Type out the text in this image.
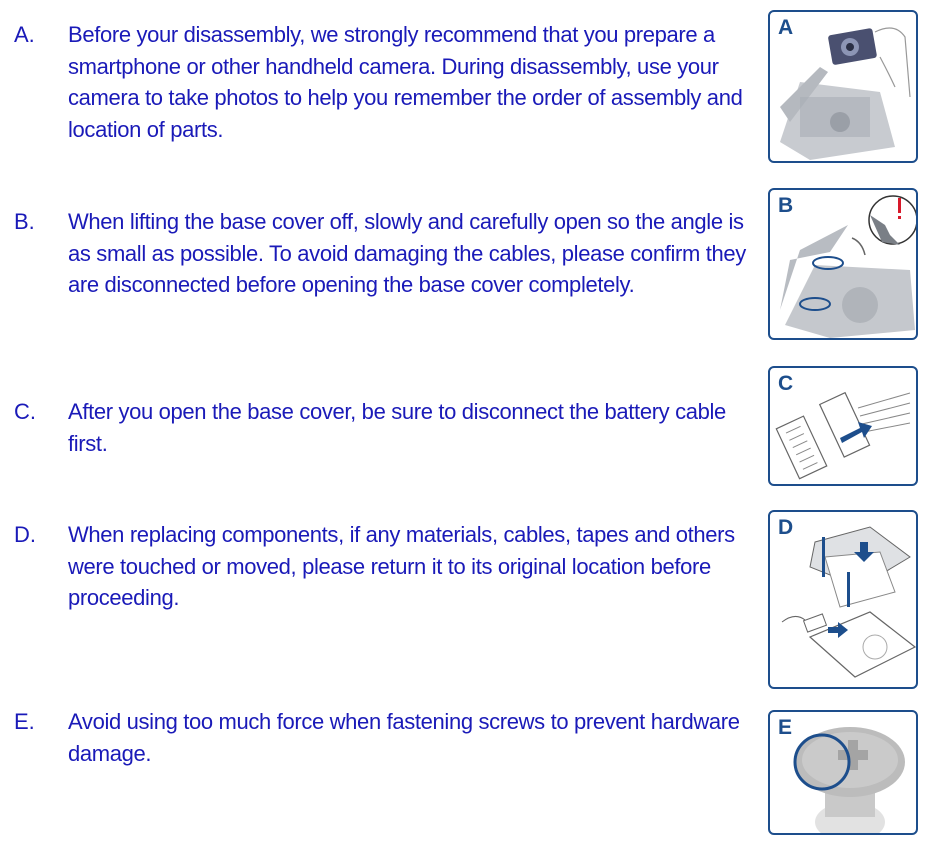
A. Before your disassembly, we strongly recommend that you prepare a smartphone or other handheld camera. During disassembly, use your camera to take photos to help you remember the order of assembly and location of parts.
A
B. When lifting the base cover off, slowly and carefully open so the angle is as small as possible. To avoid damaging the cables, please confirm they are disconnected before opening the base cover completely.
B
C. After you open the base cover, be sure to disconnect the battery cable first.
C
D. When replacing components, if any materials, cables, tapes and others were touched or moved, please return it to its original location before proceeding.
D
E. Avoid using too much force when fastening screws to prevent hardware damage.
E
